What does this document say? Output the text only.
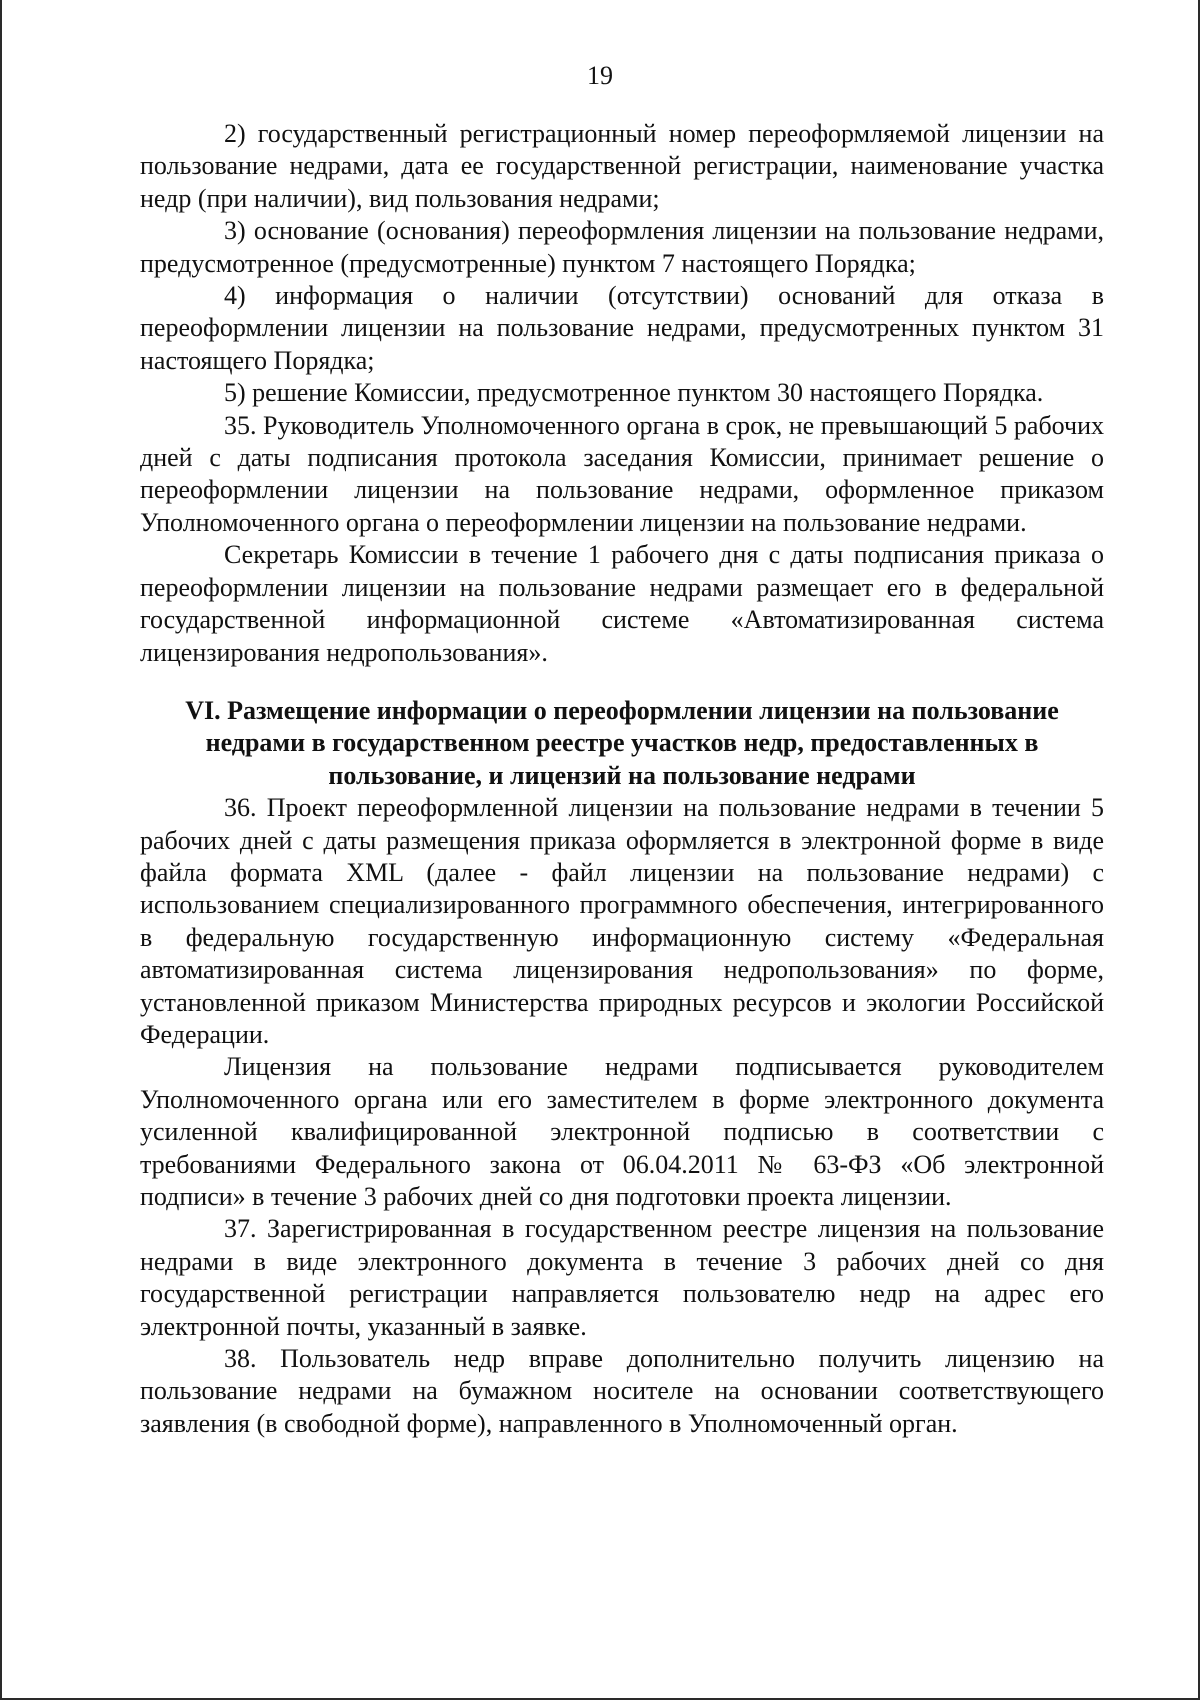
19

2) государственный регистрационный номер переоформляемой лицензии на пользование недрами, дата ее государственной регистрации, наименование участка недр (при наличии), вид пользования недрами;

3) основание (основания) переоформления лицензии на пользование недрами, предусмотренное (предусмотренные) пунктом 7 настоящего Порядка;

4) информация о наличии (отсутствии) оснований для отказа в переоформлении лицензии на пользование недрами, предусмотренных пунктом 31 настоящего Порядка;

5) решение Комиссии, предусмотренное пунктом 30 настоящего Порядка.

35. Руководитель Уполномоченного органа в срок, не превышающий 5 рабочих дней с даты подписания протокола заседания Комиссии, принимает решение о переоформлении лицензии на пользование недрами, оформленное приказом Уполномоченного органа о переоформлении лицензии на пользование недрами.

Секретарь Комиссии в течение 1 рабочего дня с даты подписания приказа о переоформлении лицензии на пользование недрами размещает его в федеральной государственной информационной системе «Автоматизированная система лицензирования недропользования».

VI. Размещение информации о переоформлении лицензии на пользование недрами в государственном реестре участков недр, предоставленных в пользование, и лицензий на пользование недрами

36. Проект переоформленной лицензии на пользование недрами в течении 5 рабочих дней с даты размещения приказа оформляется в электронной форме в виде файла формата XML (далее - файл лицензии на пользование недрами) с использованием специализированного программного обеспечения, интегрированного в федеральную государственную информационную систему «Федеральная автоматизированная система лицензирования недропользования» по форме, установленной приказом Министерства природных ресурсов и экологии Российской Федерации.

Лицензия на пользование недрами подписывается руководителем Уполномоченного органа или его заместителем в форме электронного документа усиленной квалифицированной электронной подписью в соответствии с требованиями Федерального закона от 06.04.2011 № 63-ФЗ «Об электронной подписи» в течение 3 рабочих дней со дня подготовки проекта лицензии.

37. Зарегистрированная в государственном реестре лицензия на пользование недрами в виде электронного документа в течение 3 рабочих дней со дня государственной регистрации направляется пользователю недр на адрес его электронной почты, указанный в заявке.

38. Пользователь недр вправе дополнительно получить лицензию на пользование недрами на бумажном носителе на основании соответствующего заявления (в свободной форме), направленного в Уполномоченный орган.
